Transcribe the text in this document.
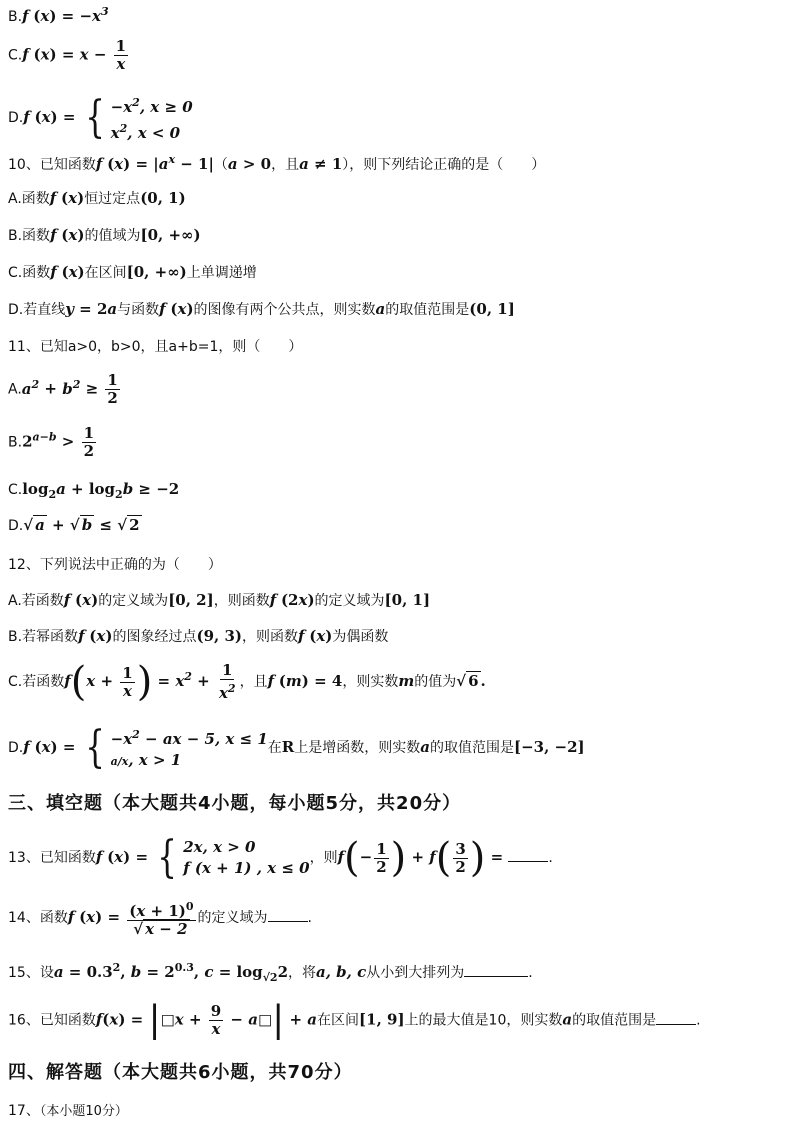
B.f $(x) = -x^3$
C.f $(x) = x - \frac{1}{x}$
D.f (x) = { $-x^2$, x ≥ 0
$x^2$, x < 0
10、已知函数f $(x) = |a^x - 1|(a > 0$，且a ≠ 1），则下列结论正确的是（　　）
A.函数f (x)恒过定点(0, 1)
B.函数f (x)的值域为[0, +∞)
C.函数f (x)在区间[0, +∞)上单调递增
D.若直线y = 2a与函数f (x)的图像有两个公共点，则实数a的取值范围是(0, 1]
11、已知a>0，b>0，且a+b=1，则（　　）
$A.a^2 + b^2 \ge \frac{1}{2}$
$B.2^{a-b} > \frac{1}{2}$
$C.\log_2a + \log_2b \ge -2$
D.√ a + √ b ≤ √ 2
12、下列说法中正确的为（　　）
A.若函数f (x)的定义域为[0, 2]，则函数f (2x)的定义域为[0, 1]
B.若幂函数f (x)的图象经过点(9, 3)，则函数f (x)为偶函数
C.若函数$f(x + \frac{1}{x}$ ) = $x^2 + \frac{1}{x^2}$ ，且f (m) = 4，则实数m的值为√ 6 .
D.f (x) = { $-x^2$ − ax − 5, x ≤ 1
a/x, x > 1
在R上是增函数，则实数a的取值范围是[−3, −2]
三、填空题（本大题共4小题，每小题5分，共20分）
13、已知函数f (x) = { 2x, x > 0
f (x + 1) , x ≤ 0
，则$f(- \frac{1}{2}$ ) + $f( \frac{3}{2}$ ) =	.
14、函数f $(x) = \frac{(x + 1)^0}{√ x - 2}$ 的定义域为	.
15、设$a = 0.3^2$, $b = 2^{0.3}$, $c = \log_{√2}2$，将a, b, c从小到大排列为	.
16、已知函数f(x) = |□x + $\frac{9}{x}$ − a□| + a在区间[1, 9]上的最大值是10，则实数a的取值范围是	.
四、解答题（本大题共6小题，共70分）
17、（本小题10分）
